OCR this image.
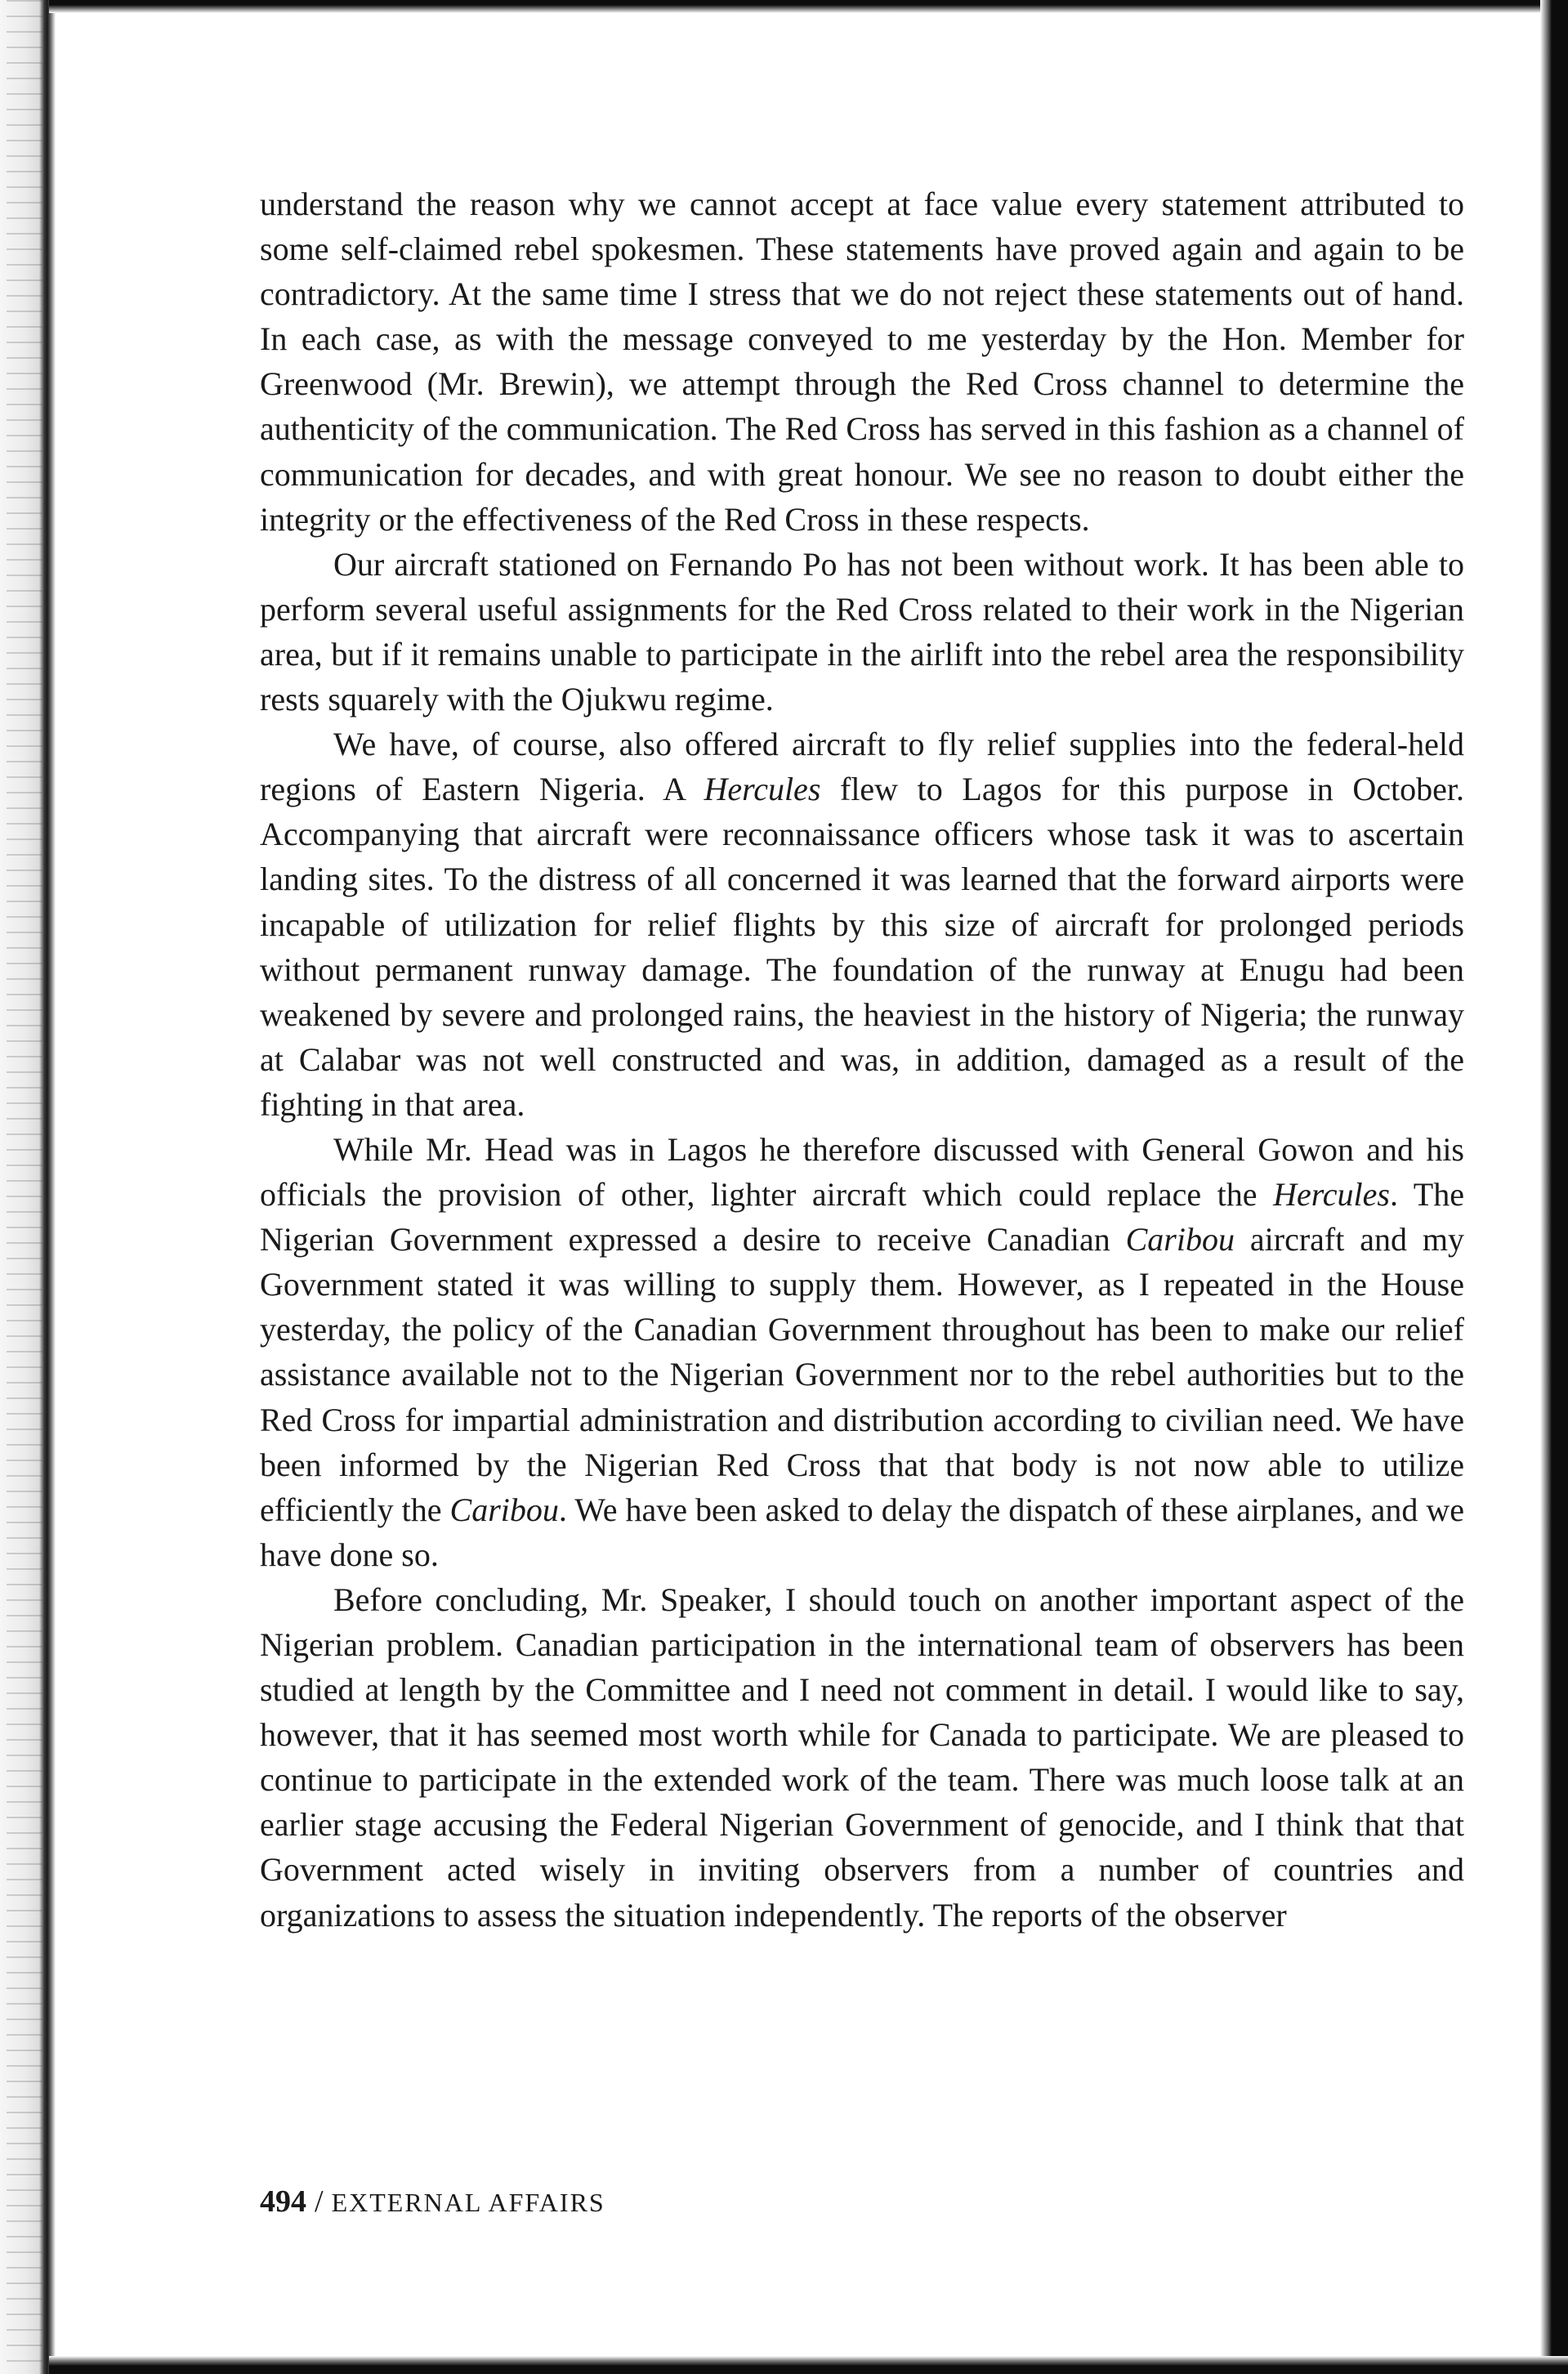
understand the reason why we cannot accept at face value every statement attributed to some self-claimed rebel spokesmen. These statements have proved again and again to be contradictory. At the same time I stress that we do not reject these statements out of hand. In each case, as with the message conveyed to me yesterday by the Hon. Member for Greenwood (Mr. Brewin), we attempt through the Red Cross channel to determine the authenticity of the communication. The Red Cross has served in this fashion as a channel of communication for decades, and with great honour. We see no reason to doubt either the integrity or the effectiveness of the Red Cross in these respects.

Our aircraft stationed on Fernando Po has not been without work. It has been able to perform several useful assignments for the Red Cross related to their work in the Nigerian area, but if it remains unable to participate in the airlift into the rebel area the responsibility rests squarely with the Ojukwu regime.

We have, of course, also offered aircraft to fly relief supplies into the federal-held regions of Eastern Nigeria. A Hercules flew to Lagos for this purpose in October. Accompanying that aircraft were reconnaissance officers whose task it was to ascertain landing sites. To the distress of all concerned it was learned that the forward airports were incapable of utilization for relief flights by this size of aircraft for prolonged periods without permanent runway damage. The foundation of the runway at Enugu had been weakened by severe and prolonged rains, the heaviest in the history of Nigeria; the runway at Calabar was not well constructed and was, in addition, damaged as a result of the fighting in that area.

While Mr. Head was in Lagos he therefore discussed with General Gowon and his officials the provision of other, lighter aircraft which could replace the Hercules. The Nigerian Government expressed a desire to receive Canadian Caribou aircraft and my Government stated it was willing to supply them. However, as I repeated in the House yesterday, the policy of the Canadian Government throughout has been to make our relief assistance available not to the Nigerian Government nor to the rebel authorities but to the Red Cross for impartial administration and distribution according to civilian need. We have been informed by the Nigerian Red Cross that that body is not now able to utilize efficiently the Caribou. We have been asked to delay the dispatch of these airplanes, and we have done so.

Before concluding, Mr. Speaker, I should touch on another important aspect of the Nigerian problem. Canadian participation in the international team of observers has been studied at length by the Committee and I need not comment in detail. I would like to say, however, that it has seemed most worth while for Canada to participate. We are pleased to continue to participate in the extended work of the team. There was much loose talk at an earlier stage accusing the Federal Nigerian Government of genocide, and I think that that Government acted wisely in inviting observers from a number of countries and organizations to assess the situation independently. The reports of the observer

494 / EXTERNAL AFFAIRS
